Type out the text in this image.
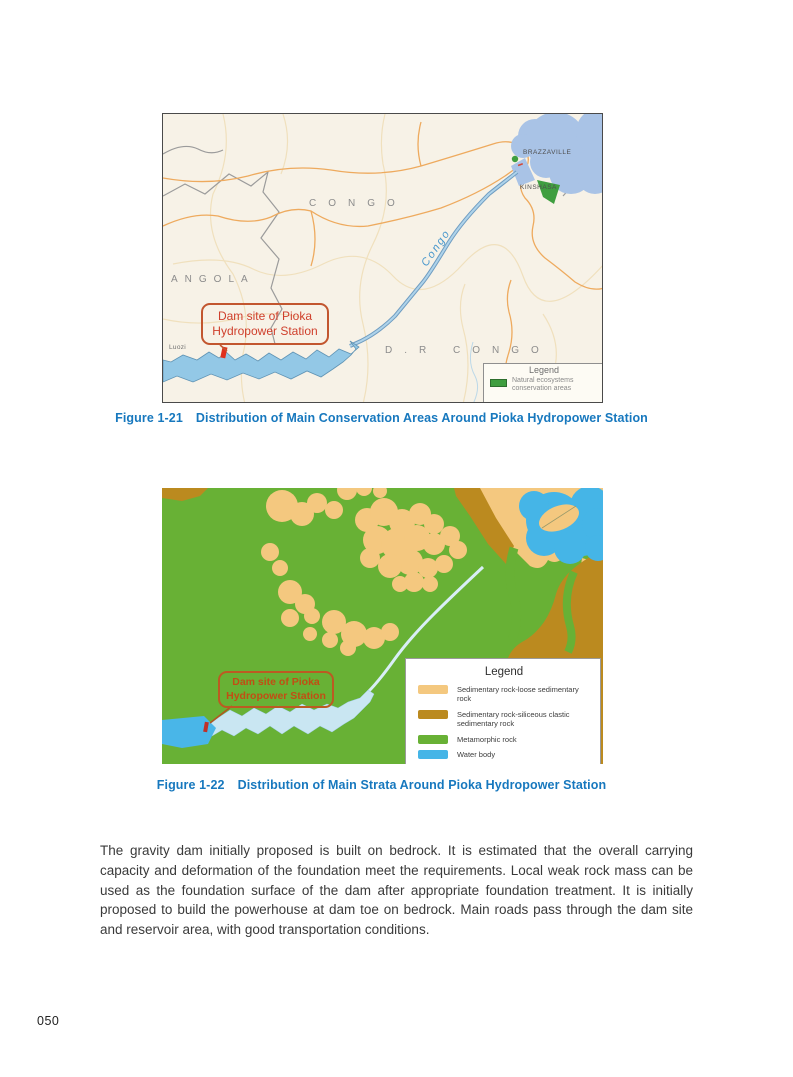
CONGO
ANGOLA
D.R CONGO
BRAZZAVILLE
KINSHASA
Luozi
Congo
Dam site of Pioka
Hydropower Station
Legend
Natural ecosystems conservation areas
Figure 1-21 Distribution of Main Conservation Areas Around Pioka Hydropower Station
Dam site of Pioka
Hydropower Station
Legend
Sedimentary rock-loose sedimentary rock
Sedimentary rock-siliceous clastic sedimentary rock
Metamorphic rock
Water body
Figure 1-22 Distribution of Main Strata Around Pioka Hydropower Station

The gravity dam initially proposed is built on bedrock. It is estimated that the overall carrying capacity and deformation of the foundation meet the requirements. Local weak rock mass can be used as the foundation surface of the dam after appropriate foundation treatment. It is initially proposed to build the powerhouse at dam toe on bedrock. Main roads pass through the dam site and reservoir area, with good transportation conditions.

050
